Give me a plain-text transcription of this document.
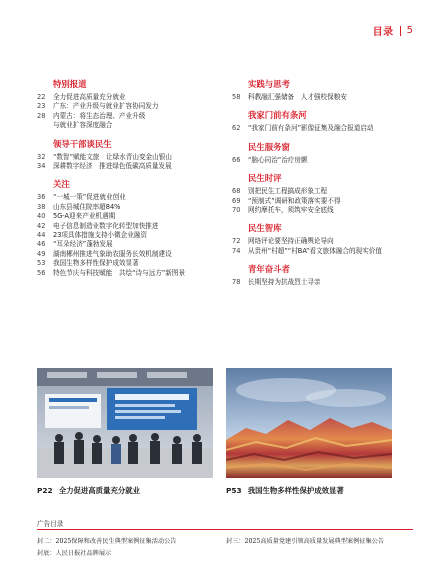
目录 5
特别报道
22	全力促进高质量充分就业
23	广东：产业升级与就业扩容协同发力
28	内蒙古：将生态治理、产业升级
与就业扩容深度融合
领导干部谈民生
32	“数智”赋能文旅　让绿水青山变金山银山
34	深耕数字经济　推进绿色低碳高质量发展
关注
36	“一城一策”促进就业创业
38	山东县城住院率超84%
40	5G-A迎来产业机遇期
42	电子信息制造业数字化转型加快推进
44	23项具体措施支持小微企业融资
46	“耳朵经济”蓬勃发展
49	湖南郴州推进气象助农服务长效机制建设
53	我国生物多样性保护成效显著
56	特色节庆与科技赋能　共绘“诗与远方”新图景
实践与思考
58	科教融汇强储备　人才强校保粮安
我家门前有条河
62	“我家门前有条河”影像征集及融合报道启动
民生服务窗
66	“脑心同治”治疗房颤
民生时评
68	别把民生工程搞成形象工程
69	“预制式”调研和政策落实要不得
70	网约摩托车，须筑牢安全底线
民生智库
72	网络评论要坚持正确舆论导向
74	从贵州“村超”“村BA”看文旅体融合的现实价值
青年奋斗者
78	长期坚持为抗战烈士寻亲
P22 全力促进高质量充分就业	P53 我国生物多样性保护成效显著
广告目录
封二：2025保障和改善民生典型案例征集活动公告	封三：2025高质量党建引领高质量发展典型案例征集公告
封底：人民日报社品牌展示
